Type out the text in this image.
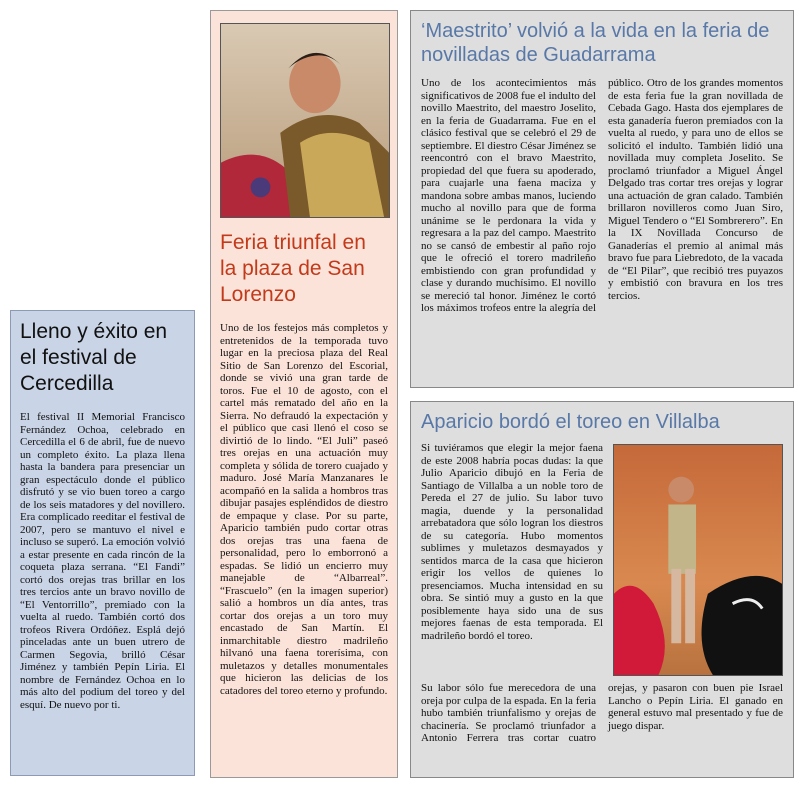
Lleno y éxito en el festival de Cercedilla

El festival II Memorial Francisco Fernández Ochoa, celebrado en Cercedilla el 6 de abril, fue de nuevo un completo éxito. La plaza llena hasta la bandera para presenciar un gran espectáculo donde el público disfrutó y se vio buen toreo a cargo de los seis matadores y del novillero. Era complicado reeditar el festival de 2007, pero se mantuvo el nivel e incluso se superó. La emoción volvió a estar presente en cada rincón de la coqueta plaza serrana. “El Fandi” cortó dos orejas tras brillar en los tres tercios ante un bravo novillo de “El Ventorrillo”, premiado con la vuelta al ruedo. También cortó dos trofeos Rivera Ordóñez. Esplá dejó pinceladas ante un buen utrero de Carmen Segovia, brilló César Jiménez y también Pepín Liria. El nombre de Fernández Ochoa en lo más alto del podium del toreo y del esquí. De nuevo por ti.

Feria triunfal en la plaza de San Lorenzo

Uno de los festejos más completos y entretenidos de la temporada tuvo lugar en la preciosa plaza del Real Sitio de San Lorenzo del Escorial, donde se vivió una gran tarde de toros. Fue el 10 de agosto, con el cartel más rematado del año en la Sierra. No defraudó la expectación y el público que casi llenó el coso se divirtió de lo lindo. “El Juli” paseó tres orejas en una actuación muy completa y sólida de torero cuajado y maduro. José María Manzanares le acompañó en la salida a hombros tras dibujar pasajes espléndidos de diestro de empaque y clase. Por su parte, Aparicio también pudo cortar otras dos orejas tras una faena de personalidad, pero lo emborronó a espadas. Se lidió un encierro muy manejable de “Albarreal”. “Frascuelo” (en la imagen superior) salió a hombros un día antes, tras cortar dos orejas a un toro muy encastado de San Martín. El inmarchitable diestro madrileño hilvanó una faena torerísima, con muletazos y detalles monumentales que hicieron las delicias de los catadores del toreo eterno y profundo.

‘Maestrito’ volvió a la vida en la feria de novilladas de Guadarrama

Uno de los acontecimientos más significativos de 2008 fue el indulto del novillo Maestrito, del maestro Joselito, en la feria de Guadarrama. Fue en el clásico festival que se celebró el 29 de septiembre. El diestro César Jiménez se reencontró con el bravo Maestrito, propiedad del que fuera su apoderado, para cuajarle una faena maciza y mandona sobre ambas manos, luciendo mucho al novillo para que de forma unánime se le perdonara la vida y regresara a la paz del campo. Maestrito no se cansó de embestir al paño rojo que le ofreció el torero madrileño embistiendo con gran profundidad y clase y durando muchísimo. El novillo se mereció tal honor. Jiménez le cortó los máximos trofeos entre la alegría del público. Otro de los grandes momentos de esta feria fue la gran novillada de Cebada Gago. Hasta dos ejemplares de esta ganadería fueron premiados con la vuelta al ruedo, y para uno de ellos se solicitó el indulto. También lidió una novillada muy completa Joselito. Se proclamó triunfador a Miguel Ángel Delgado tras cortar tres orejas y lograr una actuación de gran calado. También brillaron novilleros como Juan Siro, Miguel Tendero o “El Sombrerero”. En la IX Novillada Concurso de Ganaderías el premio al animal más bravo fue para Liebredoto, de la vacada de “El Pilar”, que recibió tres puyazos y embistió con bravura en los tres tercios.

Aparicio bordó el toreo en Villalba

Si tuviéramos que elegir la mejor faena de este 2008 habría pocas dudas: la que Julio Aparicio dibujó en la Feria de Santiago de Villalba a un noble toro de Pereda el 27 de julio. Su labor tuvo magia, duende y la personalidad arrebatadora que sólo logran los diestros de su categoría. Hubo momentos sublimes y muletazos desmayados y sentidos marca de la casa que hicieron erigir los vellos de quienes lo presenciamos. Mucha intensidad en su obra. Se sintió muy a gusto en la que posiblemente haya sido una de sus mejores faenas de esta temporada. El madrileño bordó el toreo.

Su labor sólo fue merecedora de una oreja por culpa de la espada. En la feria hubo también triunfalismo y orejas de chacinería. Se proclamó triunfador a Antonio Ferrera tras cortar cuatro orejas, y pasaron con buen pie Israel Lancho o Pepín Liria. El ganado en general estuvo mal presentado y fue de juego dispar.
